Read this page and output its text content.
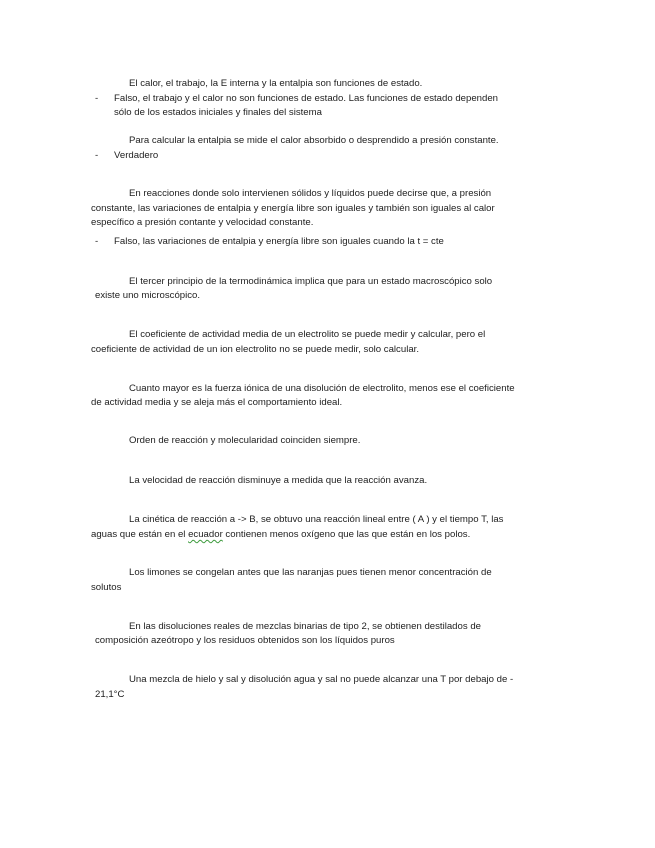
El calor, el trabajo, la E interna y la entalpia son funciones de estado.
- Falso, el trabajo y el calor no son funciones de estado. Las funciones de estado dependen
sólo de los estados iniciales y finales del sistema
Para calcular la entalpia se mide el calor absorbido o desprendido a presión constante.
- Verdadero
En reacciones donde solo intervienen sólidos y líquidos puede decirse que, a presión
constante, las variaciones de entalpia y energía libre son iguales y también son iguales al calor
específico a presión contante y velocidad constante.
- Falso, las variaciones de entalpia y energía libre son iguales cuando la t = cte
El tercer principio de la termodinámica implica que para un estado macroscópico solo
existe uno microscópico.
El coeficiente de actividad media de un electrolito se puede medir y calcular, pero el
coeficiente de actividad de un ion electrolito no se puede medir, solo calcular.
Cuanto mayor es la fuerza iónica de una disolución de electrolito, menos ese el coeficiente
de actividad media y se aleja más el comportamiento ideal.
Orden de reacción y molecularidad coinciden siempre.
La velocidad de reacción disminuye a medida que la reacción avanza.
La cinética de reacción a -> B, se obtuvo una reacción lineal entre ( A ) y el tiempo T, las
aguas que están en el ecuador contienen menos oxígeno que las que están en los polos.
Los limones se congelan antes que las naranjas pues tienen menor concentración de
solutos
En las disoluciones reales de mezclas binarias de tipo 2, se obtienen destilados de
composición azeótropo y los residuos obtenidos son los líquidos puros
Una mezcla de hielo y sal y disolución agua y sal no puede alcanzar una T por debajo de -
21,1°C
